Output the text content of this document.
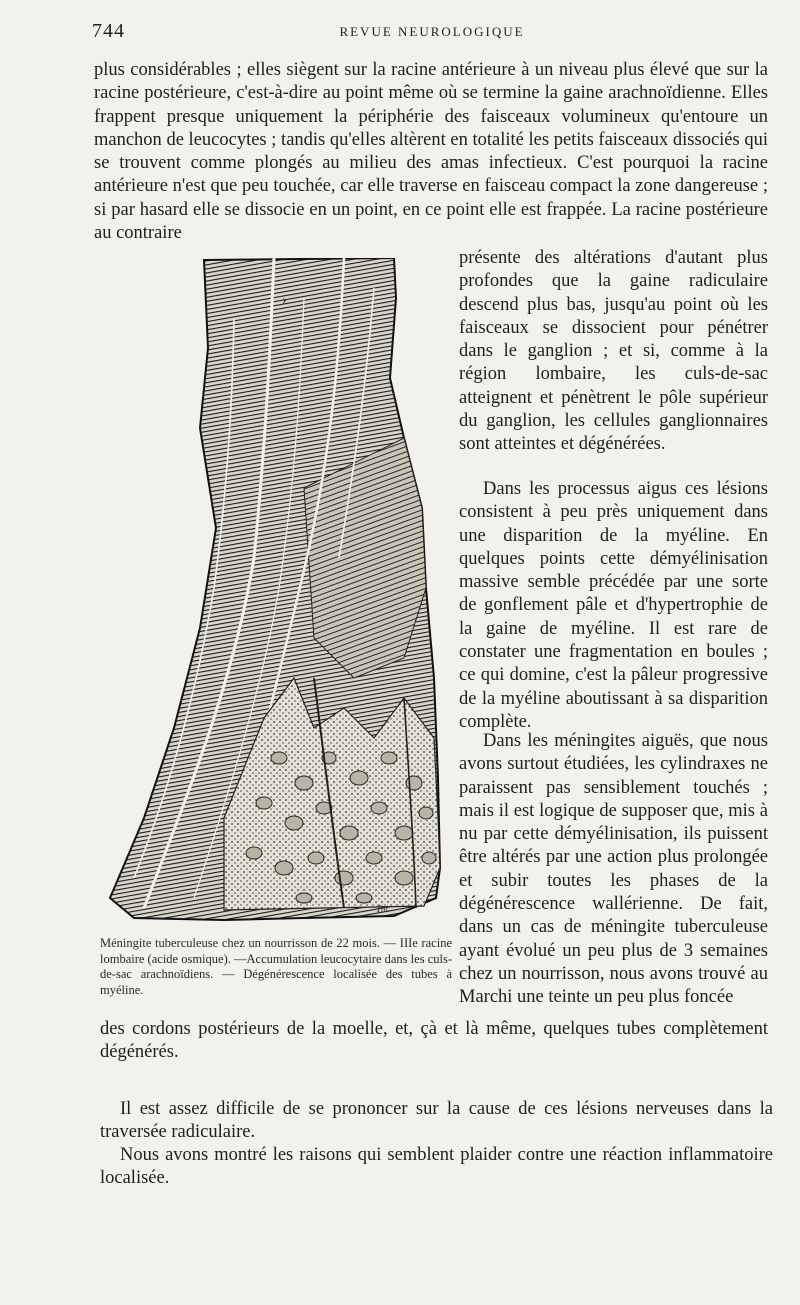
744	REVUE NEUROLOGIQUE

plus considérables ; elles siègent sur la racine antérieure à un niveau plus élevé que sur la racine postérieure, c'est-à-dire au point même où se termine la gaine arachnoïdienne. Elles frappent presque uniquement la périphérie des faisceaux volumineux qu'entoure un manchon de leucocytes ; tandis qu'elles altèrent en totalité les petits faisceaux dissociés qui se trouvent comme plongés au milieu des amas infectieux. C'est pourquoi la racine antérieure n'est que peu touchée, car elle traverse en faisceau compact la zone dangereuse ; si par hasard elle se dissocie en un point, en ce point elle est frappée. La racine postérieure au contraire

›
Thi.

Méningite tuberculeuse chez un nourrisson de 22 mois. — IIIe racine lombaire (acide osmique). —Accumulation leucocytaire dans les culs-de-sac arachnoïdiens. — Dégénérescence localisée des tubes à myéline.

présente des altérations d'autant plus profondes que la gaine radiculaire descend plus bas, jusqu'au point où les faisceaux se dissocient pour pénétrer dans le ganglion ; et si, comme à la région lombaire, les culs-de-sac atteignent et pénètrent le pôle supérieur du ganglion, les cellules ganglionnaires sont atteintes et dégénérées.

Dans les processus aigus ces lésions consistent à peu près uniquement dans une disparition de la myéline. En quelques points cette démyélinisation massive semble précédée par une sorte de gonflement pâle et d'hypertrophie de la gaine de myéline. Il est rare de constater une fragmentation en boules ; ce qui domine, c'est la pâleur progressive de la myéline aboutissant à sa disparition complète.

Dans les méningites aiguës, que nous avons surtout étudiées, les cylindraxes ne paraissent pas sensiblement touchés ; mais il est logique de supposer que, mis à nu par cette démyélinisation, ils puissent être altérés par une action plus prolongée et subir toutes les phases de la dégénérescence wallérienne. De fait, dans un cas de méningite tuberculeuse ayant évolué un peu plus de 3 semaines chez un nourrisson, nous avons trouvé au Marchi une teinte un peu plus foncée

des cordons postérieurs de la moelle, et, çà et là même, quelques tubes complètement dégénérés.

Il est assez difficile de se prononcer sur la cause de ces lésions nerveuses dans la traversée radiculaire.

Nous avons montré les raisons qui semblent plaider contre une réaction inflammatoire localisée.
